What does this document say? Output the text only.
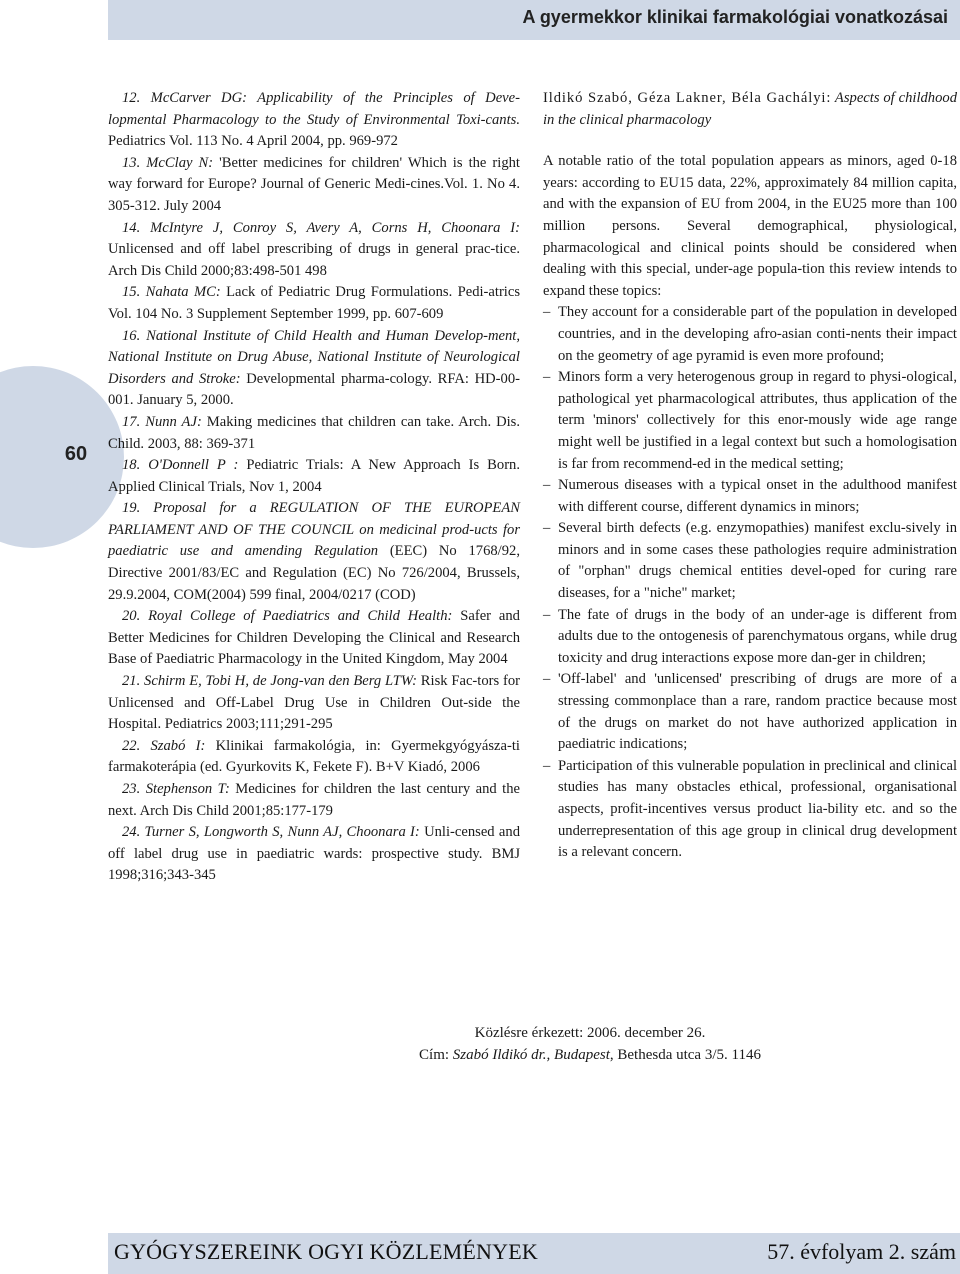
A gyermekkor klinikai farmakológiai vonatkozásai
60

12. McCarver DG: Applicability of the Principles of Deve-lopmental Pharmacology to the Study of Environmental Toxi-cants. Pediatrics Vol. 113 No. 4 April 2004, pp. 969-972

13. McClay N: 'Better medicines for children' Which is the right way forward for Europe? Journal of Generic Medi-cines.Vol. 1. No 4. 305-312. July 2004

14. McIntyre J, Conroy S, Avery A, Corns H, Choonara I: Unlicensed and off label prescribing of drugs in general prac-tice. Arch Dis Child 2000;83:498-501 498

15. Nahata MC: Lack of Pediatric Drug Formulations. Pedi-atrics Vol. 104 No. 3 Supplement September 1999, pp. 607-609

16. National Institute of Child Health and Human Develop-ment, National Institute on Drug Abuse, National Institute of Neurological Disorders and Stroke: Developmental pharma-cology. RFA: HD-00-001. January 5, 2000.

17. Nunn AJ: Making medicines that children can take. Arch. Dis. Child. 2003, 88: 369-371

18. O'Donnell P : Pediatric Trials: A New Approach Is Born. Applied Clinical Trials, Nov 1, 2004

19. Proposal for a REGULATION OF THE EUROPEAN PARLIAMENT AND OF THE COUNCIL on medicinal prod-ucts for paediatric use and amending Regulation (EEC) No 1768/92, Directive 2001/83/EC and Regulation (EC) No 726/2004, Brussels, 29.9.2004, COM(2004) 599 final, 2004/0217 (COD)

20. Royal College of Paediatrics and Child Health: Safer and Better Medicines for Children Developing the Clinical and Research Base of Paediatric Pharmacology in the United Kingdom, May 2004

21. Schirm E, Tobi H, de Jong-van den Berg LTW: Risk Fac-tors for Unlicensed and Off-Label Drug Use in Children Out-side the Hospital. Pediatrics 2003;111;291-295

22. Szabó I: Klinikai farmakológia, in: Gyermekgyógyásza-ti farmakoterápia (ed. Gyurkovits K, Fekete F). B+V Kiadó, 2006

23. Stephenson T: Medicines for children the last century and the next. Arch Dis Child 2001;85:177-179

24. Turner S, Longworth S, Nunn AJ, Choonara I: Unli-censed and off label drug use in paediatric wards: prospective study. BMJ 1998;316;343-345

Ildikó Szabó, Géza Lakner, Béla Gachályi: Aspects of childhood in the clinical pharmacology

A notable ratio of the total population appears as minors, aged 0-18 years: according to EU15 data, 22%, approximately 84 million capita, and with the expansion of EU from 2004, in the EU25 more than 100 million persons. Several demographical, physiological, pharmacological and clinical points should be considered when dealing with this special, under-age popula-tion this review intends to expand these topics:

– They account for a considerable part of the population in developed countries, and in the developing afro-asian conti-nents their impact on the geometry of age pyramid is even more profound;
– Minors form a very heterogenous group in regard to physi-ological, pathological yet pharmacological attributes, thus application of the term 'minors' collectively for this enor-mously wide age range might well be justified in a legal context but such a homologisation is far from recommend-ed in the medical setting;
– Numerous diseases with a typical onset in the adulthood manifest with different course, different dynamics in minors;
– Several birth defects (e.g. enzymopathies) manifest exclu-sively in minors and in some cases these pathologies require administration of "orphan" drugs chemical entities devel-oped for curing rare diseases, for a "niche" market;
– The fate of drugs in the body of an under-age is different from adults due to the ontogenesis of parenchymatous organs, while drug toxicity and drug interactions expose more dan-ger in children;
– 'Off-label' and 'unlicensed' prescribing of drugs are more of a stressing commonplace than a rare, random practice because most of the drugs on market do not have authorized application in paediatric indications;
– Participation of this vulnerable population in preclinical and clinical studies has many obstacles ethical, professional, organisational aspects, profit-incentives versus product lia-bility etc. and so the underrepresentation of this age group in clinical drug development is a relevant concern.
Közlésre érkezett: 2006. december 26.
Cím: Szabó Ildikó dr., Budapest, Bethesda utca 3/5. 1146
GYÓGYSZEREINK OGYI KÖZLEMÉNYEK	57. évfolyam 2. szám
